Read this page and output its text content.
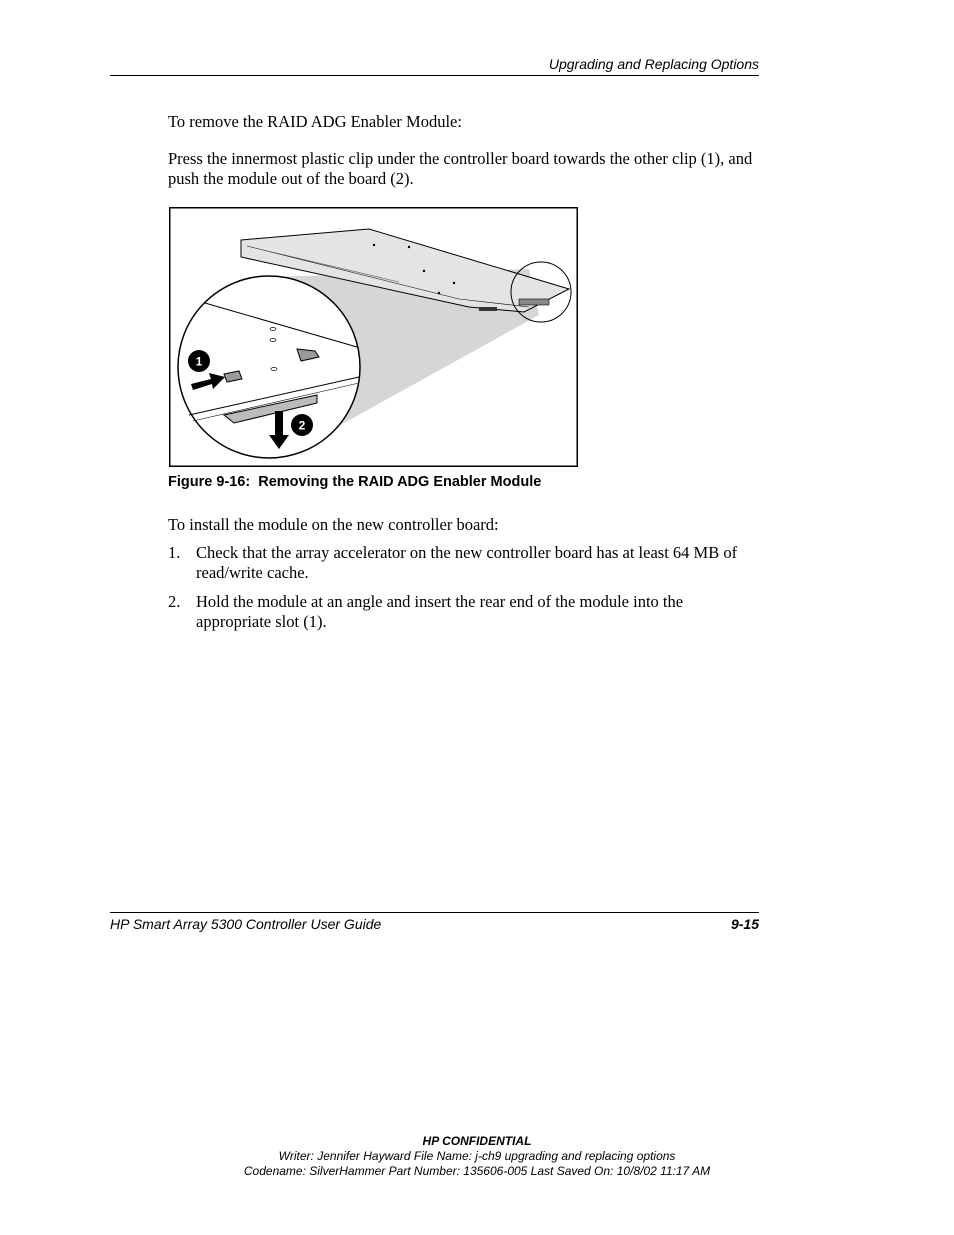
Upgrading and Replacing Options

To remove the RAID ADG Enabler Module:

Press the innermost plastic clip under the controller board towards the other clip (1), and push the module out of the board (2).

1
2
Figure 9-16:  Removing the RAID ADG Enabler Module

To install the module on the new controller board:

1. Check that the array accelerator on the new controller board has at least 64 MB of read/write cache.
2. Hold the module at an angle and insert the rear end of the module into the appropriate slot (1).
HP Smart Array 5300 Controller User Guide	9-15
HP CONFIDENTIAL
Writer: Jennifer Hayward File Name: j-ch9 upgrading and replacing options
Codename: SilverHammer Part Number: 135606-005 Last Saved On: 10/8/02 11:17 AM
